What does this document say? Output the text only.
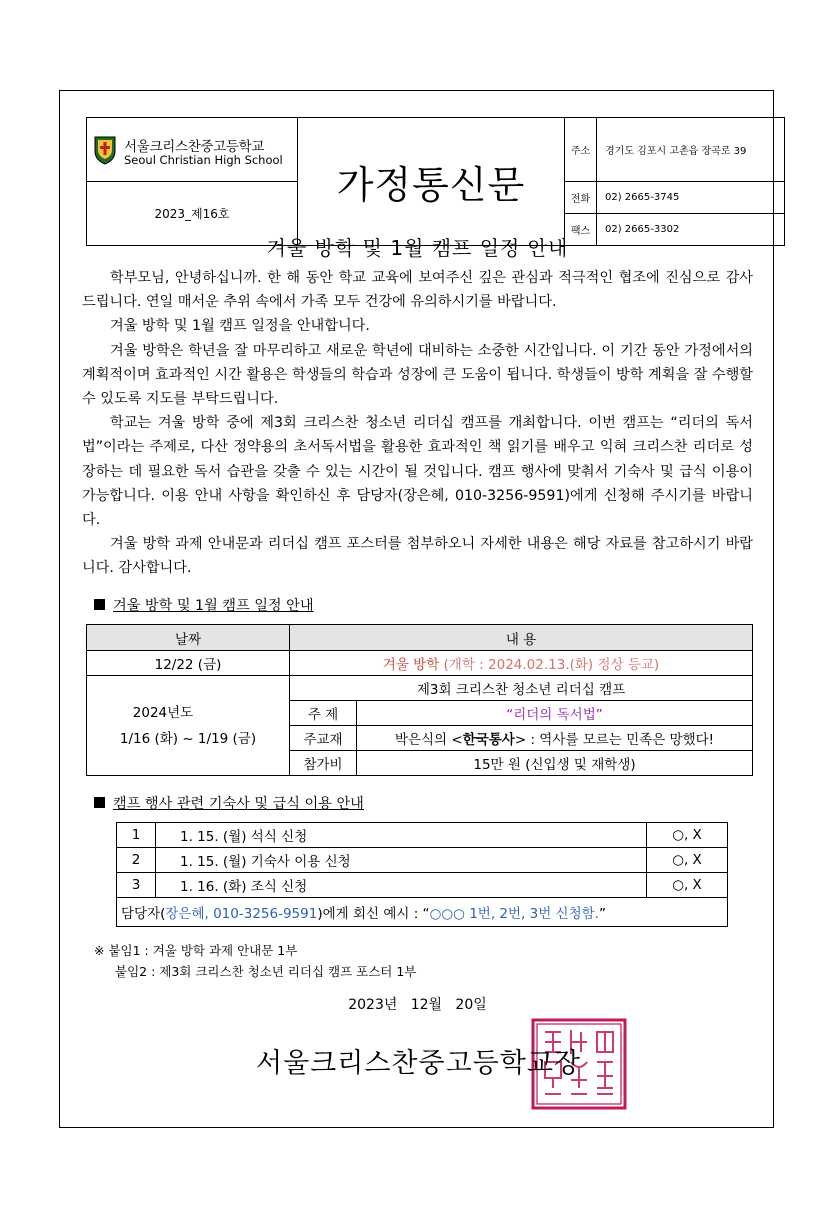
서울크리스찬중고등학교
Seoul Christian High School	가정통신문	주소	경기도 김포시 고촌읍 장곡로 39
2023_제16호		전화	02) 2665-3745
		팩스	02) 2665-3302
겨울 방학 및 1월 캠프 일정 안내

학부모님, 안녕하십니까. 한 해 동안 학교 교육에 보여주신 깊은 관심과 적극적인 협조에 진심으로 감사드립니다. 연일 매서운 추위 속에서 가족 모두 건강에 유의하시기를 바랍니다.

겨울 방학 및 1월 캠프 일정을 안내합니다.

겨울 방학은 학년을 잘 마무리하고 새로운 학년에 대비하는 소중한 시간입니다. 이 기간 동안 가정에서의 계획적이며 효과적인 시간 활용은 학생들의 학습과 성장에 큰 도움이 됩니다. 학생들이 방학 계획을 잘 수행할 수 있도록 지도를 부탁드립니다.

학교는 겨울 방학 중에 제3회 크리스찬 청소년 리더십 캠프를 개최합니다. 이번 캠프는 “리더의 독서법”이라는 주제로, 다산 정약용의 초서독서법을 활용한 효과적인 책 읽기를 배우고 익혀 크리스찬 리더로 성장하는 데 필요한 독서 습관을 갖출 수 있는 시간이 될 것입니다. 캠프 행사에 맞춰서 기숙사 및 급식 이용이 가능합니다. 이용 안내 사항을 확인하신 후 담당자(장은혜, 010-3256-9591)에게 신청해 주시기를 바랍니다.

겨울 방학 과제 안내문과 리더십 캠프 포스터를 첨부하오니 자세한 내용은 해당 자료를 참고하시기 바랍니다. 감사합니다.

겨울 방학 및 1월 캠프 일정 안내
날짜	내 용	
12/22 (금)	겨울 방학 (개학 : 2024.02.13.(화) 정상 등교)	

2024년도
1/16 (화) ~ 1/19 (금)	제3회 크리스찬 청소년 리더십 캠프	
	주 제	“리더의 독서법”
	주교재	박은식의 <한국통사> : 역사를 모르는 민족은 망했다!
	참가비	15만 원 (신입생 및 재학생)
캠프 행사 관련 기숙사 및 급식 이용 안내
1	1. 15. (월) 석식 신청	○, X
2	1. 15. (월) 기숙사 이용 신청	○, X
3	1. 16. (화) 조식 신청	○, X
담당자(장은혜, 010-3256-9591)에게 회신 예시 : “○○○ 1번, 2번, 3번 신청함.”		
※ 붙임1 : 겨울 방학 과제 안내문 1부
붙임2 : 제3회 크리스찬 청소년 리더십 캠프 포스터 1부
2023년   12월   20일
서울크리스찬중고등학교장
